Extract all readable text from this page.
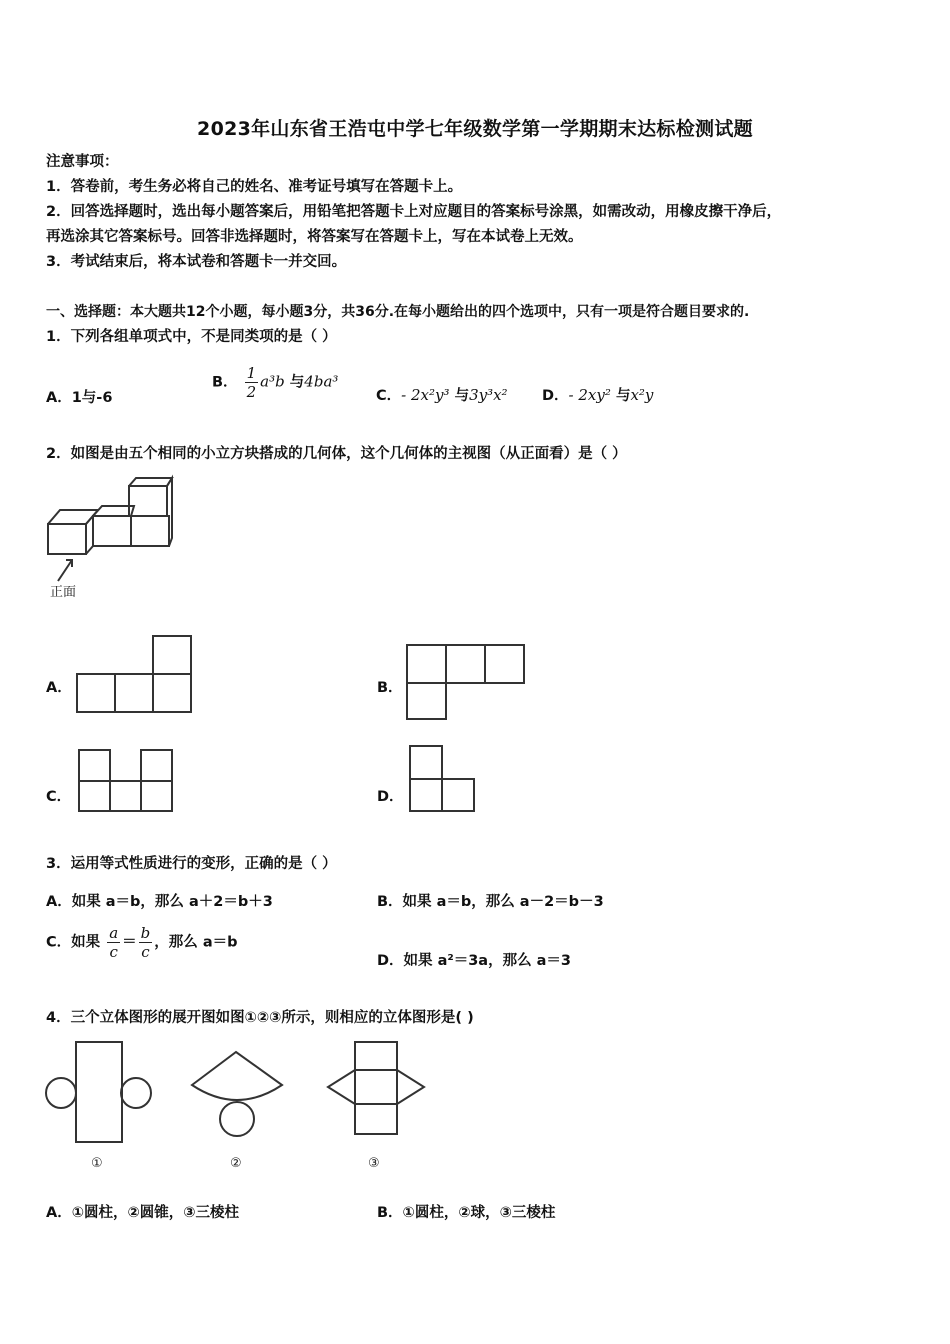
2023年山东省王浩屯中学七年级数学第一学期期末达标检测试题
注意事项：
1．答卷前，考生务必将自己的姓名、准考证号填写在答题卡上。
2．回答选择题时，选出每小题答案后，用铅笔把答题卡上对应题目的答案标号涂黑，如需改动，用橡皮擦干净后，
再选涂其它答案标号。回答非选择题时，将答案写在答题卡上，写在本试卷上无效。
3．考试结束后，将本试卷和答题卡一并交回。
一、选择题：本大题共12个小题，每小题3分，共36分.在每小题给出的四个选项中，只有一项是符合题目要求的.
1．下列各组单项式中，不是同类项的是（ ）
A．1与-6
B． $\frac{1}{2} a^3b$ 与4ba³
C．- 2x²y³ 与3y³x² D．- 2xy² 与x²y
2．如图是由五个相同的小立方块搭成的几何体，这个几何体的主视图（从正面看）是（ ）
正面
A．	B．
C．	D．
3．运用等式性质进行的变形，正确的是（ ）
A．如果 a＝b，那么 a＋2＝b＋3	B．如果 a＝b，那么 a－2＝b－3
C．如果 $\frac{a}{c} = \frac{b}{c}$ ，那么 a＝b
D．如果 a²＝3a，那么 a＝3
4．三个立体图形的展开图如图①②③所示，则相应的立体图形是( )
①	②	③
A．①圆柱，②圆锥，③三棱柱	B．①圆柱，②球，③三棱柱
